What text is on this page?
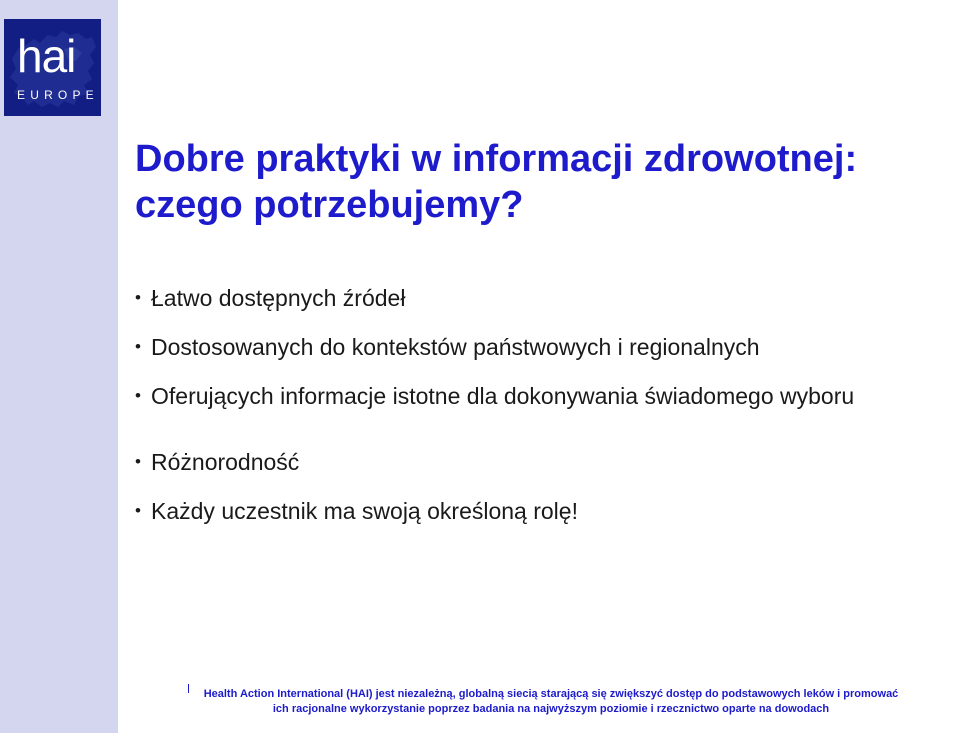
hai
EUROPE
Dobre praktyki w informacji zdrowotnej:
czego potrzebujemy?
• Łatwo dostępnych źródeł
• Dostosowanych do kontekstów państwowych i regionalnych
• Oferujących informacje istotne dla dokonywania świadomego wyboru
• Różnorodność
• Każdy uczestnik ma swoją określoną rolę!
Health Action International (HAI) jest niezależną, globalną siecią starającą się zwiększyć dostęp do podstawowych leków i promować
ich racjonalne wykorzystanie poprzez badania na najwyższym poziomie i rzecznictwo oparte na dowodach
